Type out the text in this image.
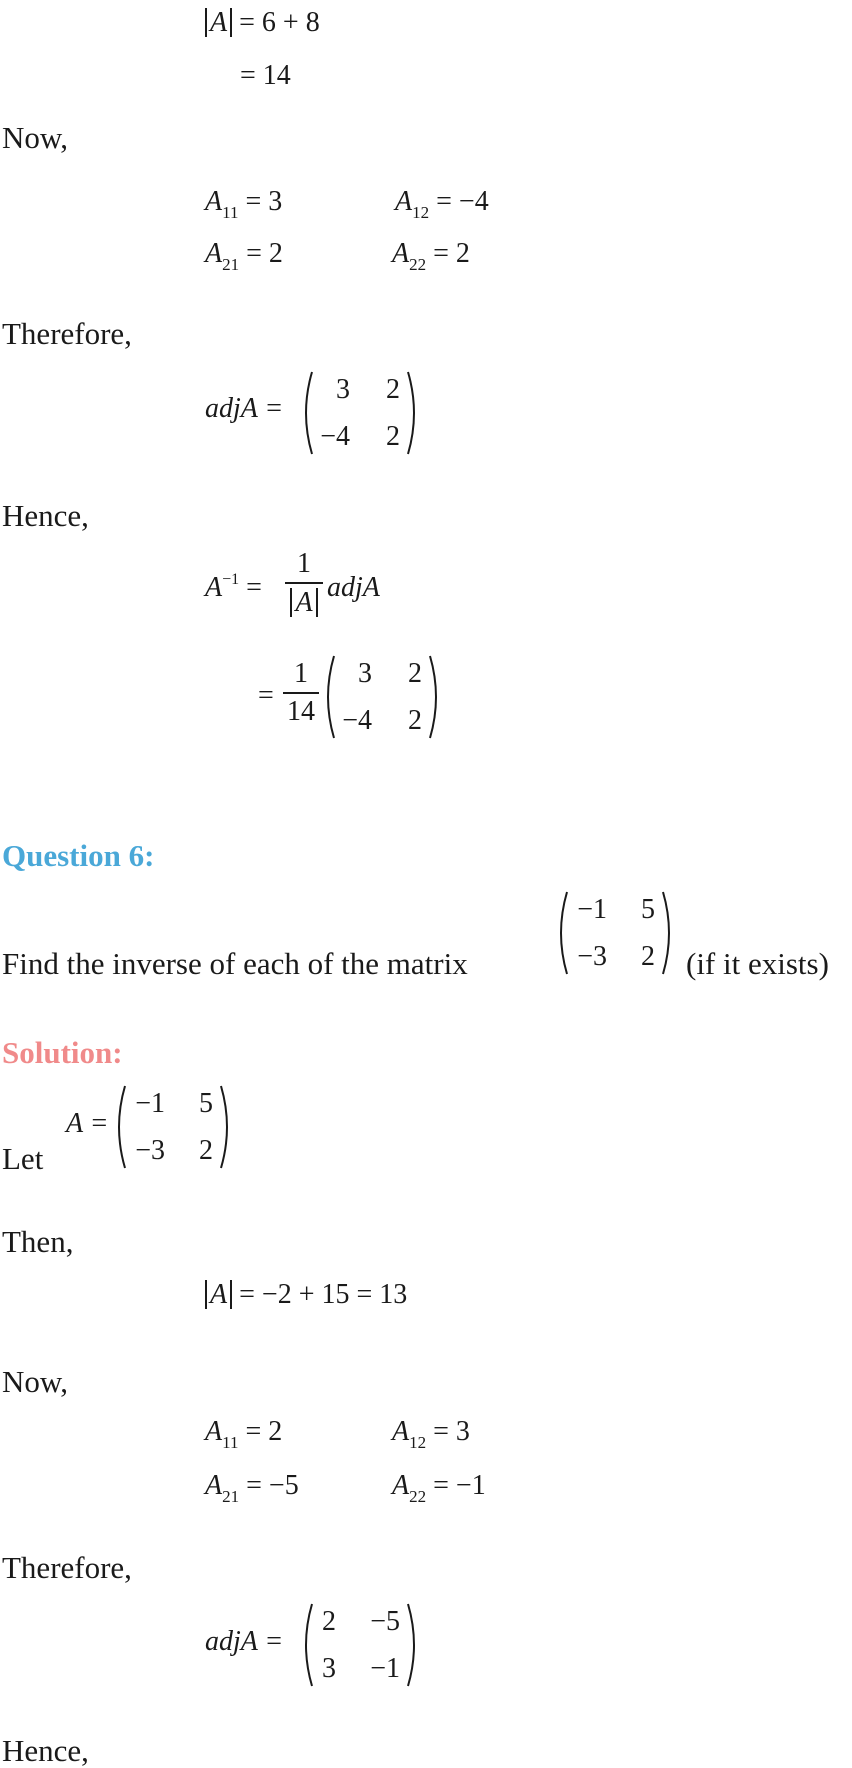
A = 6 + 8
= 14
Now,
$A_{11} = 3$	$A_{12} = -4$
$A_{21} = 2$	$A_{22} = 2$
Therefore,
adjA =
3	2
−4	2
Hence,
$A^{-1}$ =
1
A adjA
=
1
14
3	2
−4	2
Question 6:
Find the inverse of each of the matrix
−1	5
−3	2 (if it exists)
Solution:
Let
A =
−1	5
−3	2
Then,
A = −2 + 15 = 13
Now,
$A_{11} = 2$	$A_{12} = 3$
$A_{21} = -5$	$A_{22} = -1$
Therefore,
adjA =
2	−5
3	−1
Hence,
